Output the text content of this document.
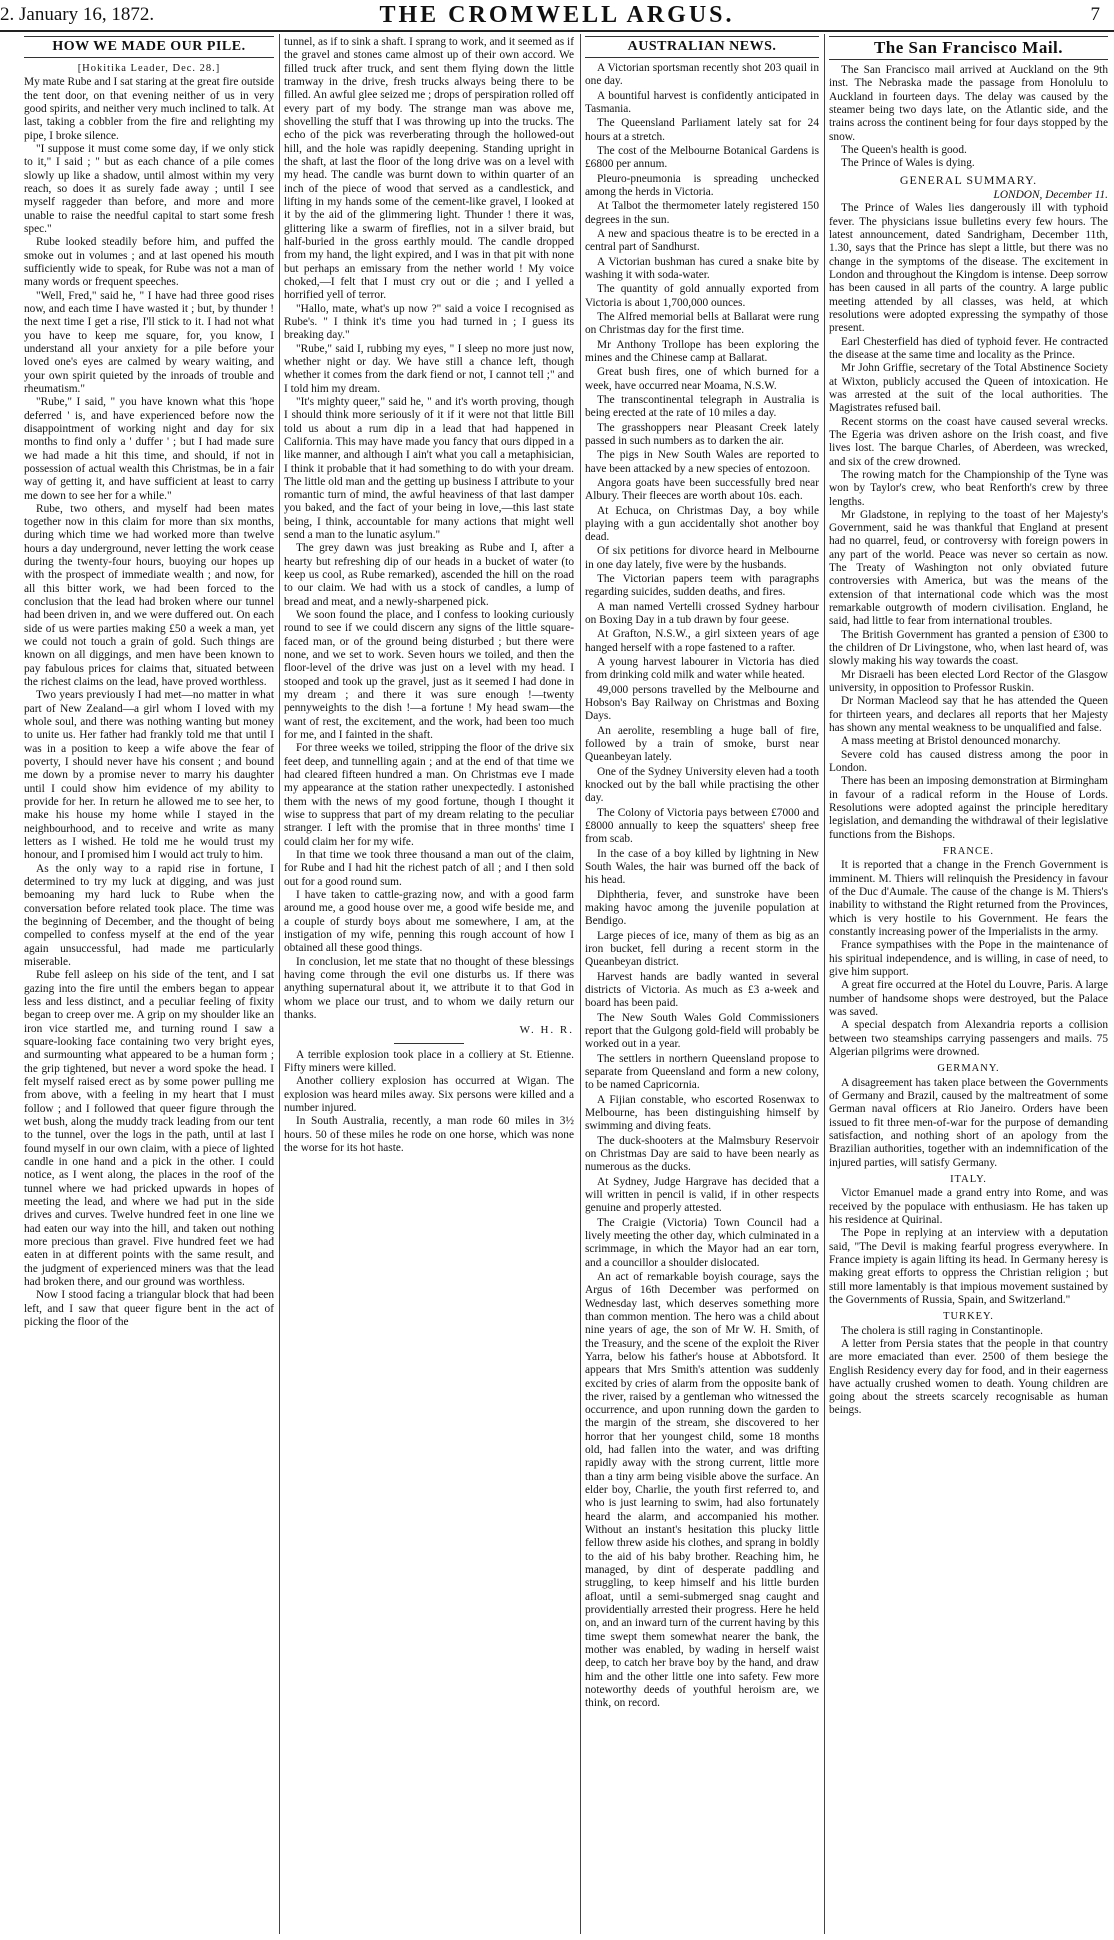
2. January 16, 1872.	THE CROMWELL ARGUS.	7
HOW WE MADE OUR PILE.
[Hokitika Leader, Dec. 28.]

My mate Rube and I sat staring at the great fire outside the tent door, on that evening neither of us in very good spirits, and neither very much inclined to talk. At last, taking a cobbler from the fire and relighting my pipe, I broke silence.

"I suppose it must come some day, if we only stick to it," I said ; " but as each chance of a pile comes slowly up like a shadow, until almost within my very reach, so does it as surely fade away ; until I see myself raggeder than before, and more and more unable to raise the needful capital to start some fresh spec."

Rube looked steadily before him, and puffed the smoke out in volumes ; and at last opened his mouth sufficiently wide to speak, for Rube was not a man of many words or frequent speeches.

"Well, Fred," said he, " I have had three good rises now, and each time I have wasted it ; but, by thunder ! the next time I get a rise, I'll stick to it. I had not what you have to keep me square, for, you know, I understand all your anxiety for a pile before your loved one's eyes are calmed by weary waiting, and your own spirit quieted by the inroads of trouble and rheumatism."

"Rube," I said, " you have known what this 'hope deferred ' is, and have experienced before now the disappointment of working night and day for six months to find only a ' duffer ' ; but I had made sure we had made a hit this time, and should, if not in possession of actual wealth this Christmas, be in a fair way of getting it, and have sufficient at least to carry me down to see her for a while."

Rube, two others, and myself had been mates together now in this claim for more than six months, during which time we had worked more than twelve hours a day underground, never letting the work cease during the twenty-four hours, buoying our hopes up with the prospect of immediate wealth ; and now, for all this bitter work, we had been forced to the conclusion that the lead had broken where our tunnel had been driven in, and we were duffered out. On each side of us were parties making £50 a week a man, yet we could not touch a grain of gold. Such things are known on all diggings, and men have been known to pay fabulous prices for claims that, situated between the richest claims on the lead, have proved worthless.

Two years previously I had met—no matter in what part of New Zealand—a girl whom I loved with my whole soul, and there was nothing wanting but money to unite us. Her father had frankly told me that until I was in a position to keep a wife above the fear of poverty, I should never have his consent ; and bound me down by a promise never to marry his daughter until I could show him evidence of my ability to provide for her. In return he allowed me to see her, to make his house my home while I stayed in the neighbourhood, and to receive and write as many letters as I wished. He told me he would trust my honour, and I promised him I would act truly to him.

As the only way to a rapid rise in fortune, I determined to try my luck at digging, and was just bemoaning my hard luck to Rube when the conversation before related took place. The time was the beginning of December, and the thought of being compelled to confess myself at the end of the year again unsuccessful, had made me particularly miserable.

Rube fell asleep on his side of the tent, and I sat gazing into the fire until the embers began to appear less and less distinct, and a peculiar feeling of fixity began to creep over me. A grip on my shoulder like an iron vice startled me, and turning round I saw a square-looking face containing two very bright eyes, and surmounting what appeared to be a human form ; the grip tightened, but never a word spoke the head. I felt myself raised erect as by some power pulling me from above, with a feeling in my heart that I must follow ; and I followed that queer figure through the wet bush, along the muddy track leading from our tent to the tunnel, over the logs in the path, until at last I found myself in our own claim, with a piece of lighted candle in one hand and a pick in the other. I could notice, as I went along, the places in the roof of the tunnel where we had pricked upwards in hopes of meeting the lead, and where we had put in the side drives and curves. Twelve hundred feet in one line we had eaten our way into the hill, and taken out nothing more precious than gravel. Five hundred feet we had eaten in at different points with the same result, and the judgment of experienced miners was that the lead had broken there, and our ground was worthless.

Now I stood facing a triangular block that had been left, and I saw that queer figure bent in the act of picking the floor of the

tunnel, as if to sink a shaft. I sprang to work, and it seemed as if the gravel and stones came almost up of their own accord. We filled truck after truck, and sent them flying down the little tramway in the drive, fresh trucks always being there to be filled. An awful glee seized me ; drops of perspiration rolled off every part of my body. The strange man was above me, shovelling the stuff that I was throwing up into the trucks. The echo of the pick was reverberating through the hollowed-out hill, and the hole was rapidly deepening. Standing upright in the shaft, at last the floor of the long drive was on a level with my head. The candle was burnt down to within quarter of an inch of the piece of wood that served as a candlestick, and lifting in my hands some of the cement-like gravel, I looked at it by the aid of the glimmering light. Thunder ! there it was, glittering like a swarm of fireflies, not in a silver braid, but half-buried in the gross earthly mould. The candle dropped from my hand, the light expired, and I was in that pit with none but perhaps an emissary from the nether world ! My voice choked,—I felt that I must cry out or die ; and I yelled a horrified yell of terror.

"Hallo, mate, what's up now ?" said a voice I recognised as Rube's. " I think it's time you had turned in ; I guess its breaking day."

"Rube," said I, rubbing my eyes, " I sleep no more just now, whether night or day. We have still a chance left, though whether it comes from the dark fiend or not, I cannot tell ;" and I told him my dream.

"It's mighty queer," said he, " and it's worth proving, though I should think more seriously of it if it were not that little Bill told us about a rum dip in a lead that had happened in California. This may have made you fancy that ours dipped in a like manner, and although I ain't what you call a metaphisician, I think it probable that it had something to do with your dream. The little old man and the getting up business I attribute to your romantic turn of mind, the awful heaviness of that last damper you baked, and the fact of your being in love,—this last state being, I think, accountable for many actions that might well send a man to the lunatic asylum."

The grey dawn was just breaking as Rube and I, after a hearty but refreshing dip of our heads in a bucket of water (to keep us cool, as Rube remarked), ascended the hill on the road to our claim. We had with us a stock of candles, a lump of bread and meat, and a newly-sharpened pick.

We soon found the place, and I confess to looking curiously round to see if we could discern any signs of the little square-faced man, or of the ground being disturbed ; but there were none, and we set to work. Seven hours we toiled, and then the floor-level of the drive was just on a level with my head. I stooped and took up the gravel, just as it seemed I had done in my dream ; and there it was sure enough !—twenty pennyweights to the dish !—a fortune ! My head swam—the want of rest, the excitement, and the work, had been too much for me, and I fainted in the shaft.

For three weeks we toiled, stripping the floor of the drive six feet deep, and tunnelling again ; and at the end of that time we had cleared fifteen hundred a man. On Christmas eve I made my appearance at the station rather unexpectedly. I astonished them with the news of my good fortune, though I thought it wise to suppress that part of my dream relating to the peculiar stranger. I left with the promise that in three months' time I could claim her for my wife.

In that time we took three thousand a man out of the claim, for Rube and I had hit the richest patch of all ; and I then sold out for a good round sum.

I have taken to cattle-grazing now, and with a good farm around me, a good house over me, a good wife beside me, and a couple of sturdy boys about me somewhere, I am, at the instigation of my wife, penning this rough account of how I obtained all these good things.

In conclusion, let me state that no thought of these blessings having come through the evil one disturbs us. If there was anything supernatural about it, we attribute it to that God in whom we place our trust, and to whom we daily return our thanks.

W. H. R.

A terrible explosion took place in a colliery at St. Etienne. Fifty miners were killed.

Another colliery explosion has occurred at Wigan. The explosion was heard miles away. Six persons were killed and a number injured.

In South Australia, recently, a man rode 60 miles in 3½ hours. 50 of these miles he rode on one horse, which was none the worse for its hot haste.

AUSTRALIAN NEWS.

A Victorian sportsman recently shot 203 quail in one day.

A bountiful harvest is confidently anticipated in Tasmania.

The Queensland Parliament lately sat for 24 hours at a stretch.

The cost of the Melbourne Botanical Gardens is £6800 per annum.

Pleuro-pneumonia is spreading unchecked among the herds in Victoria.

At Talbot the thermometer lately registered 150 degrees in the sun.

A new and spacious theatre is to be erected in a central part of Sandhurst.

A Victorian bushman has cured a snake bite by washing it with soda-water.

The quantity of gold annually exported from Victoria is about 1,700,000 ounces.

The Alfred memorial bells at Ballarat were rung on Christmas day for the first time.

Mr Anthony Trollope has been exploring the mines and the Chinese camp at Ballarat.

Great bush fires, one of which burned for a week, have occurred near Moama, N.S.W.

The transcontinental telegraph in Australia is being erected at the rate of 10 miles a day.

The grasshoppers near Pleasant Creek lately passed in such numbers as to darken the air.

The pigs in New South Wales are reported to have been attacked by a new species of entozoon.

Angora goats have been successfully bred near Albury. Their fleeces are worth about 10s. each.

At Echuca, on Christmas Day, a boy while playing with a gun accidentally shot another boy dead.

Of six petitions for divorce heard in Melbourne in one day lately, five were by the husbands.

The Victorian papers teem with paragraphs regarding suicides, sudden deaths, and fires.

A man named Vertelli crossed Sydney harbour on Boxing Day in a tub drawn by four geese.

At Grafton, N.S.W., a girl sixteen years of age hanged herself with a rope fastened to a rafter.

A young harvest labourer in Victoria has died from drinking cold milk and water while heated.

49,000 persons travelled by the Melbourne and Hobson's Bay Railway on Christmas and Boxing Days.

An aerolite, resembling a huge ball of fire, followed by a train of smoke, burst near Queanbeyan lately.

One of the Sydney University eleven had a tooth knocked out by the ball while practising the other day.

The Colony of Victoria pays between £7000 and £8000 annually to keep the squatters' sheep free from scab.

In the case of a boy killed by lightning in New South Wales, the hair was burned off the back of his head.

Diphtheria, fever, and sunstroke have been making havoc among the juvenile population at Bendigo.

Large pieces of ice, many of them as big as an iron bucket, fell during a recent storm in the Queanbeyan district.

Harvest hands are badly wanted in several districts of Victoria. As much as £3 a-week and board has been paid.

The New South Wales Gold Commissioners report that the Gulgong gold-field will probably be worked out in a year.

The settlers in northern Queensland propose to separate from Queensland and form a new colony, to be named Capricornia.

A Fijian constable, who escorted Rosenwax to Melbourne, has been distinguishing himself by swimming and diving feats.

The duck-shooters at the Malmsbury Reservoir on Christmas Day are said to have been nearly as numerous as the ducks.

At Sydney, Judge Hargrave has decided that a will written in pencil is valid, if in other respects genuine and properly attested.

The Craigie (Victoria) Town Council had a lively meeting the other day, which culminated in a scrimmage, in which the Mayor had an ear torn, and a councillor a shoulder dislocated.

An act of remarkable boyish courage, says the Argus of 16th December was performed on Wednesday last, which deserves something more than common mention. The hero was a child about nine years of age, the son of Mr W. H. Smith, of the Treasury, and the scene of the exploit the River Yarra, below his father's house at Abbotsford. It appears that Mrs Smith's attention was suddenly excited by cries of alarm from the opposite bank of the river, raised by a gentleman who witnessed the occurrence, and upon running down the garden to the margin of the stream, she discovered to her horror that her youngest child, some 18 months old, had fallen into the water, and was drifting rapidly away with the strong current, little more than a tiny arm being visible above the surface. An elder boy, Charlie, the youth first referred to, and who is just learning to swim, had also fortunately heard the alarm, and accompanied his mother. Without an instant's hesitation this plucky little fellow threw aside his clothes, and sprang in boldly to the aid of his baby brother. Reaching him, he managed, by dint of desperate paddling and struggling, to keep himself and his little burden afloat, until a semi-submerged snag caught and providentially arrested their progress. Here he held on, and an inward turn of the current having by this time swept them somewhat nearer the bank, the mother was enabled, by wading in herself waist deep, to catch her brave boy by the hand, and draw him and the other little one into safety. Few more noteworthy deeds of youthful heroism are, we think, on record.

The San Francisco Mail.

The San Francisco mail arrived at Auckland on the 9th inst. The Nebraska made the passage from Honolulu to Auckland in fourteen days. The delay was caused by the steamer being two days late, on the Atlantic side, and the trains across the continent being for four days stopped by the snow.

The Queen's health is good.

The Prince of Wales is dying.

GENERAL SUMMARY.
LONDON, December 11.

The Prince of Wales lies dangerously ill with typhoid fever. The physicians issue bulletins every few hours. The latest announcement, dated Sandrigham, December 11th, 1.30, says that the Prince has slept a little, but there was no change in the symptoms of the disease. The excitement in London and throughout the Kingdom is intense. Deep sorrow has been caused in all parts of the country. A large public meeting attended by all classes, was held, at which resolutions were adopted expressing the sympathy of those present.

Earl Chesterfield has died of typhoid fever. He contracted the disease at the same time and locality as the Prince.

Mr John Griffie, secretary of the Total Abstinence Society at Wixton, publicly accused the Queen of intoxication. He was arrested at the suit of the local authorities. The Magistrates refused bail.

Recent storms on the coast have caused several wrecks. The Egeria was driven ashore on the Irish coast, and five lives lost. The barque Charles, of Aberdeen, was wrecked, and six of the crew drowned.

The rowing match for the Championship of the Tyne was won by Taylor's crew, who beat Renforth's crew by three lengths.

Mr Gladstone, in replying to the toast of her Majesty's Government, said he was thankful that England at present had no quarrel, feud, or controversy with foreign powers in any part of the world. Peace was never so certain as now. The Treaty of Washington not only obviated future controversies with America, but was the means of the extension of that international code which was the most remarkable outgrowth of modern civilisation. England, he said, had little to fear from international troubles.

The British Government has granted a pension of £300 to the children of Dr Livingstone, who, when last heard of, was slowly making his way towards the coast.

Mr Disraeli has been elected Lord Rector of the Glasgow university, in opposition to Professor Ruskin.

Dr Norman Macleod say that he has attended the Queen for thirteen years, and declares all reports that her Majesty has shown any mental weakness to be unqualified and false.

A mass meeting at Bristol denounced monarchy.

Severe cold has caused distress among the poor in London.

There has been an imposing demonstration at Birmingham in favour of a radical reform in the House of Lords. Resolutions were adopted against the principle hereditary legislation, and demanding the withdrawal of their legislative functions from the Bishops.

FRANCE.

It is reported that a change in the French Government is imminent. M. Thiers will relinquish the Presidency in favour of the Duc d'Aumale. The cause of the change is M. Thiers's inability to withstand the Right returned from the Provinces, which is very hostile to his Government. He fears the constantly increasing power of the Imperialists in the army.

France sympathises with the Pope in the maintenance of his spiritual independence, and is willing, in case of need, to give him support.

A great fire occurred at the Hotel du Louvre, Paris. A large number of handsome shops were destroyed, but the Palace was saved.

A special despatch from Alexandria reports a collision between two steamships carrying passengers and mails. 75 Algerian pilgrims were drowned.

GERMANY.

A disagreement has taken place between the Governments of Germany and Brazil, caused by the maltreatment of some German naval officers at Rio Janeiro. Orders have been issued to fit three men-of-war for the purpose of demanding satisfaction, and nothing short of an apology from the Brazilian authorities, together with an indemnification of the injured parties, will satisfy Germany.

ITALY.

Victor Emanuel made a grand entry into Rome, and was received by the populace with enthusiasm. He has taken up his residence at Quirinal.

The Pope in replying at an interview with a deputation said, "The Devil is making fearful progress everywhere. In France impiety is again lifting its head. In Germany heresy is making great efforts to oppress the Christian religion ; but still more lamentably is that impious movement sustained by the Governments of Russia, Spain, and Switzerland."

TURKEY.

The cholera is still raging in Constantinople.

A letter from Persia states that the people in that country are more emaciated than ever. 2500 of them besiege the English Residency every day for food, and in their eagerness have actually crushed women to death. Young children are going about the streets scarcely recognisable as human beings.
